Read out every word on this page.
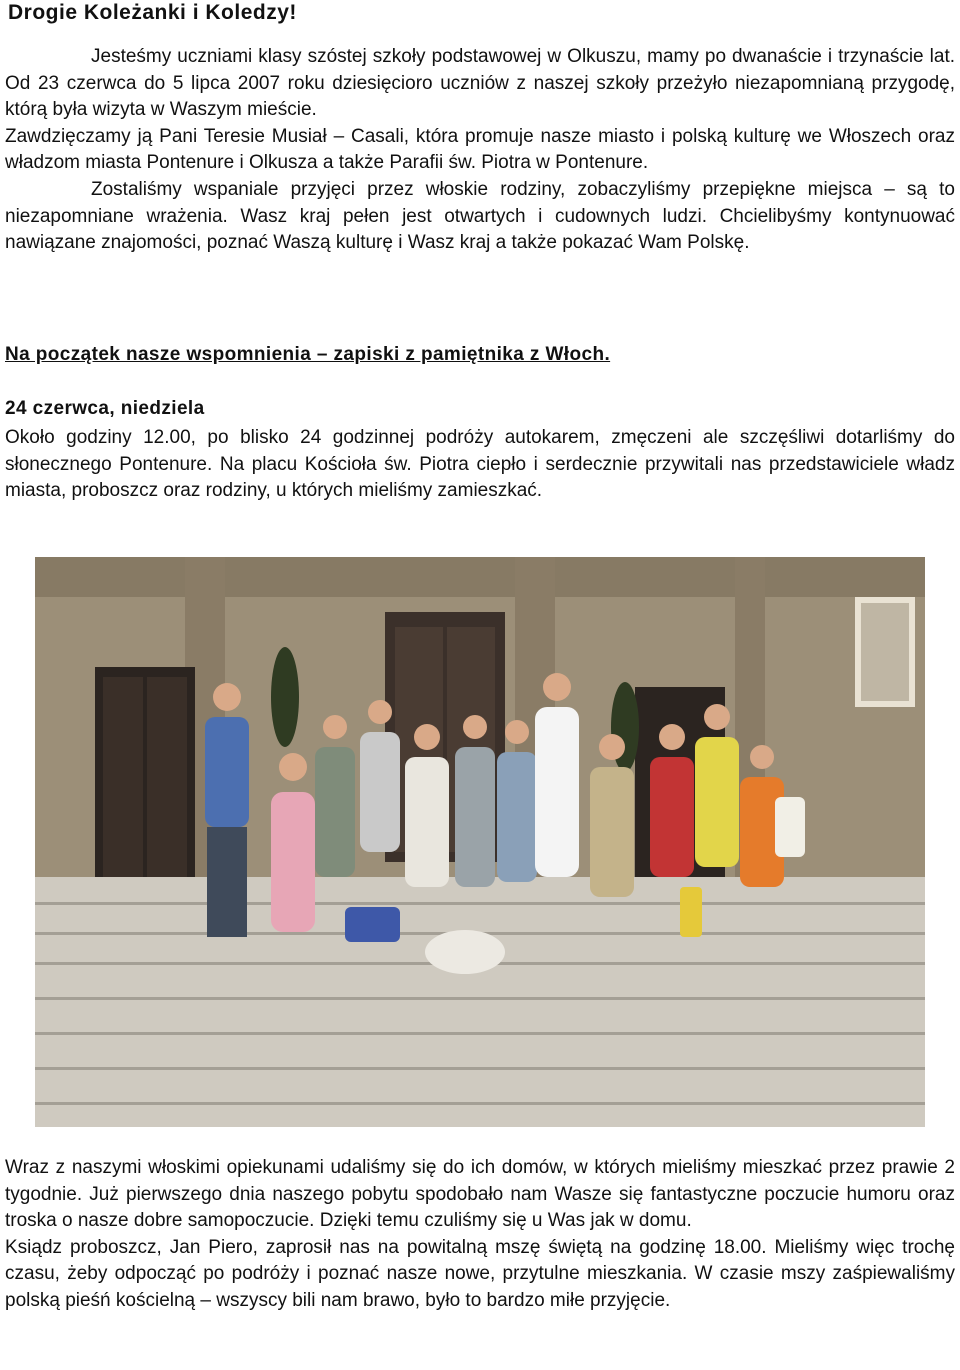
Drogie Koleżanki i Koledzy!

Jesteśmy uczniami klasy szóstej szkoły podstawowej w Olkuszu, mamy po dwanaście i trzynaście lat. Od 23 czerwca do 5 lipca 2007 roku dziesięcioro uczniów z naszej szkoły przeżyło niezapomnianą przygodę, którą była wizyta w Waszym mieście.

Zawdzięczamy ją Pani Teresie Musiał – Casali, która promuje nasze miasto i polską kulturę we Włoszech oraz władzom miasta Pontenure i Olkusza a także Parafii św. Piotra w Pontenure.

Zostaliśmy wspaniale przyjęci przez włoskie rodziny, zobaczyliśmy przepiękne miejsca – są to niezapomniane wrażenia. Wasz kraj pełen jest otwartych i cudownych ludzi. Chcielibyśmy kontynuować nawiązane znajomości, poznać Waszą kulturę i Wasz kraj a także pokazać Wam Polskę.

Na początek nasze wspomnienia – zapiski z pamiętnika z Włoch.
24 czerwca, niedziela

Około godziny 12.00, po blisko 24 godzinnej podróży autokarem, zmęczeni ale szczęśliwi dotarliśmy do słonecznego Pontenure. Na placu Kościoła św. Piotra ciepło i serdecznie przywitali nas przedstawiciele władz miasta, proboszcz oraz rodziny, u których mieliśmy zamieszkać.

Wraz z naszymi włoskimi opiekunami udaliśmy się do ich domów, w których mieliśmy mieszkać przez prawie 2 tygodnie. Już pierwszego dnia naszego pobytu spodobało nam Wasze się fantastyczne poczucie humoru oraz troska o nasze dobre samopoczucie. Dzięki temu czuliśmy się u Was jak w domu.

Ksiądz proboszcz, Jan Piero, zaprosił nas na powitalną mszę świętą na godzinę 18.00. Mieliśmy więc trochę czasu, żeby odpocząć po podróży i poznać nasze nowe, przytulne mieszkania. W czasie mszy zaśpiewaliśmy polską pieśń kościelną – wszyscy bili nam brawo, było to bardzo miłe przyjęcie.
